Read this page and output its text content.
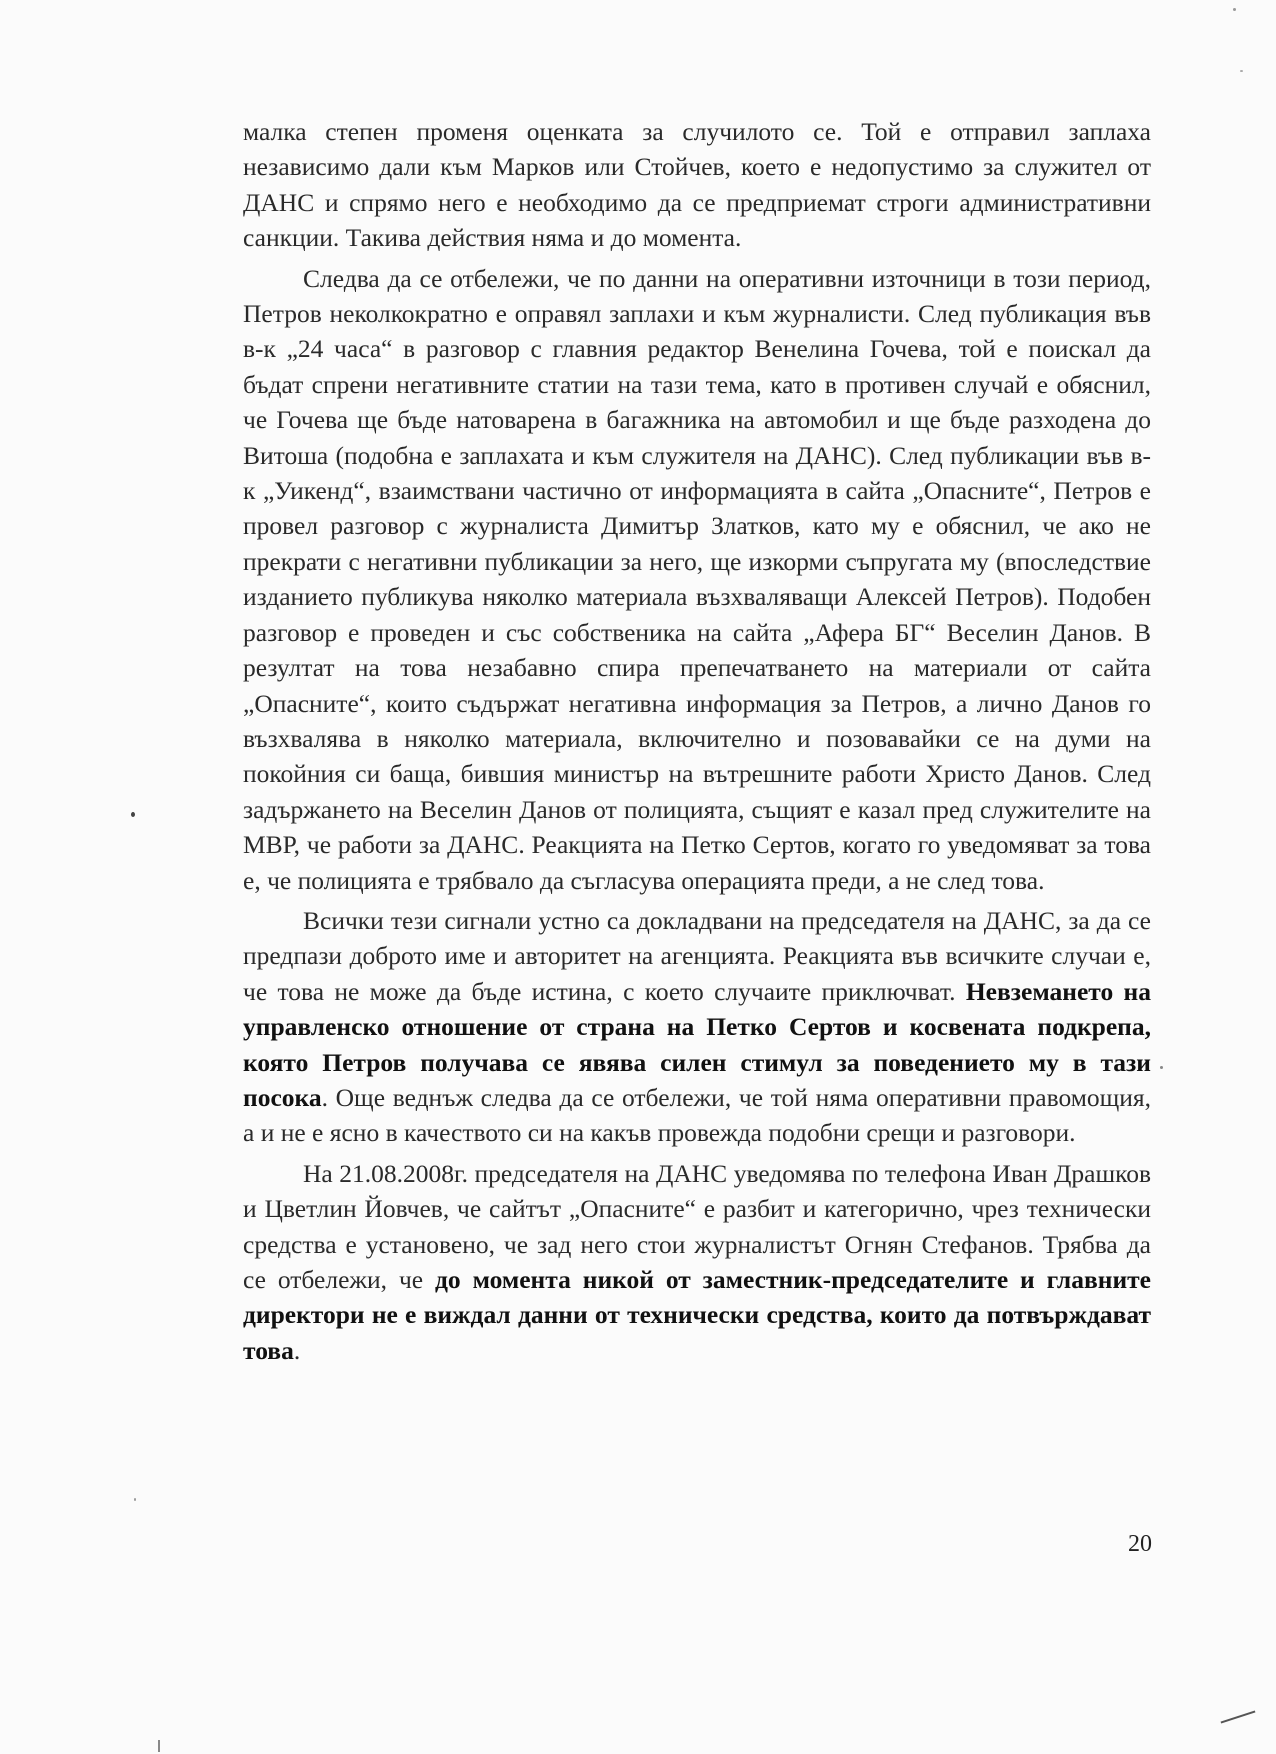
малка степен променя оценката за случилото се. Той е отправил заплаха независимо дали към Марков или Стойчев, което е недопустимо за служител от ДАНС и спрямо него е необходимо да се предприемат строги административни санкции. Такива действия няма и до момента.

Следва да се отбележи, че по данни на оперативни източници в този период, Петров неколкократно е оправял заплахи и към журналисти. След публикация във в-к „24 часа“ в разговор с главния редактор Венелина Гочева, той е поискал да бъдат спрени негативните статии на тази тема, като в противен случай е обяснил, че Гочева ще бъде натоварена в багажника на автомобил и ще бъде разходена до Витоша (подобна е заплахата и към служителя на ДАНС). След публикации във в-к „Уикенд“, взаимствани частично от информацията в сайта „Опасните“, Петров е провел разговор с журналиста Димитър Златков, като му е обяснил, че ако не прекрати с негативни публикации за него, ще изкорми съпругата му (впоследствие изданието публикува няколко материала възхваляващи Алексей Петров). Подобен разговор е проведен и със собственика на сайта „Афера БГ“ Веселин Данов. В резултат на това незабавно спира препечатването на материали от сайта „Опасните“, които съдържат негативна информация за Петров, а лично Данов го възхвалява в няколко материала, включително и позовавайки се на думи на покойния си баща, бившия министър на вътрешните работи Христо Данов. След задържането на Веселин Данов от полицията, същият е казал пред служителите на МВР, че работи за ДАНС. Реакцията на Петко Сертов, когато го уведомяват за това е, че полицията е трябвало да съгласува операцията преди, а не след това.

Всички тези сигнали устно са докладвани на председателя на ДАНС, за да се предпази доброто име и авторитет на агенцията. Реакцията във всичките случаи е, че това не може да бъде истина, с което случаите приключват. Невземането на управленско отношение от страна на Петко Сертов и косвената подкрепа, която Петров получава се явява силен стимул за поведението му в тази посока. Още веднъж следва да се отбележи, че той няма оперативни правомощия, а и не е ясно в качеството си на какъв провежда подобни срещи и разговори.

На 21.08.2008г. председателя на ДАНС уведомява по телефона Иван Драшков и Цветлин Йовчев, че сайтът „Опасните“ е разбит и категорично, чрез технически средства е установено, че зад него стои журналистът Огнян Стефанов. Трябва да се отбележи, че до момента никой от заместник-председателите и главните директори не е виждал данни от технически средства, които да потвърждават това.

20
